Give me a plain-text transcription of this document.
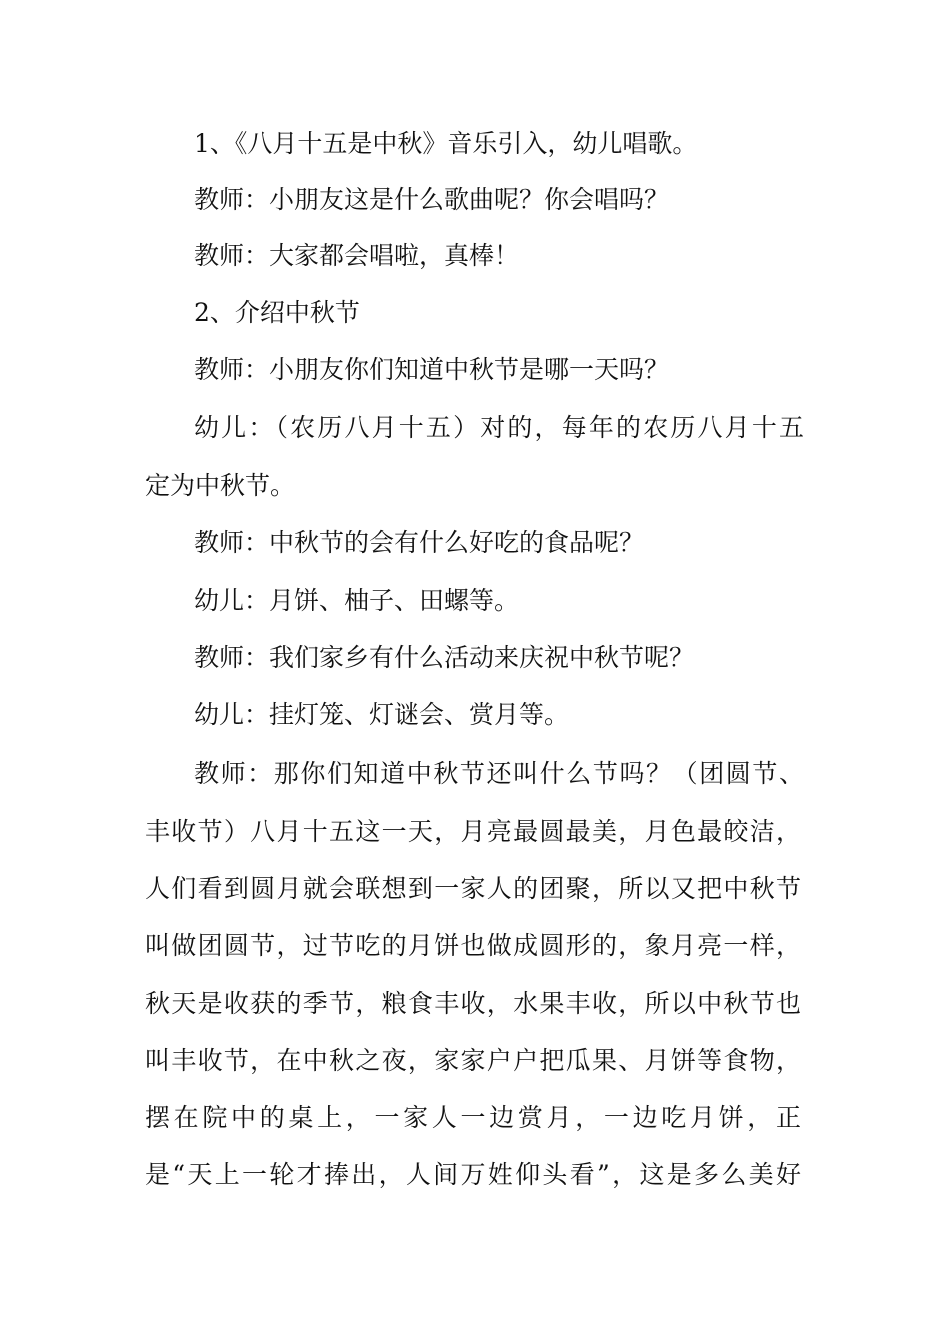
1、《八月十五是中秋》音乐引入，幼儿唱歌。

教师：小朋友这是什么歌曲呢？你会唱吗？

教师：大家都会唱啦，真棒！

2、介绍中秋节

教师：小朋友你们知道中秋节是哪一天吗？

幼儿：（农历八月十五）对的，每年的农历八月十五

定为中秋节。

教师：中秋节的会有什么好吃的食品呢？

幼儿：月饼、柚子、田螺等。

教师：我们家乡有什么活动来庆祝中秋节呢？

幼儿：挂灯笼、灯谜会、赏月等。

教师：那你们知道中秋节还叫什么节吗？（团圆节、

丰收节）八月十五这一天，月亮最圆最美，月色最皎洁，

人们看到圆月就会联想到一家人的团聚，所以又把中秋节

叫做团圆节，过节吃的月饼也做成圆形的，象月亮一样，

秋天是收获的季节，粮食丰收，水果丰收，所以中秋节也

叫丰收节，在中秋之夜，家家户户把瓜果、月饼等食物，

摆在院中的桌上，一家人一边赏月，一边吃月饼，正

是“天上一轮才捧出，人间万姓仰头看”，这是多么美好
